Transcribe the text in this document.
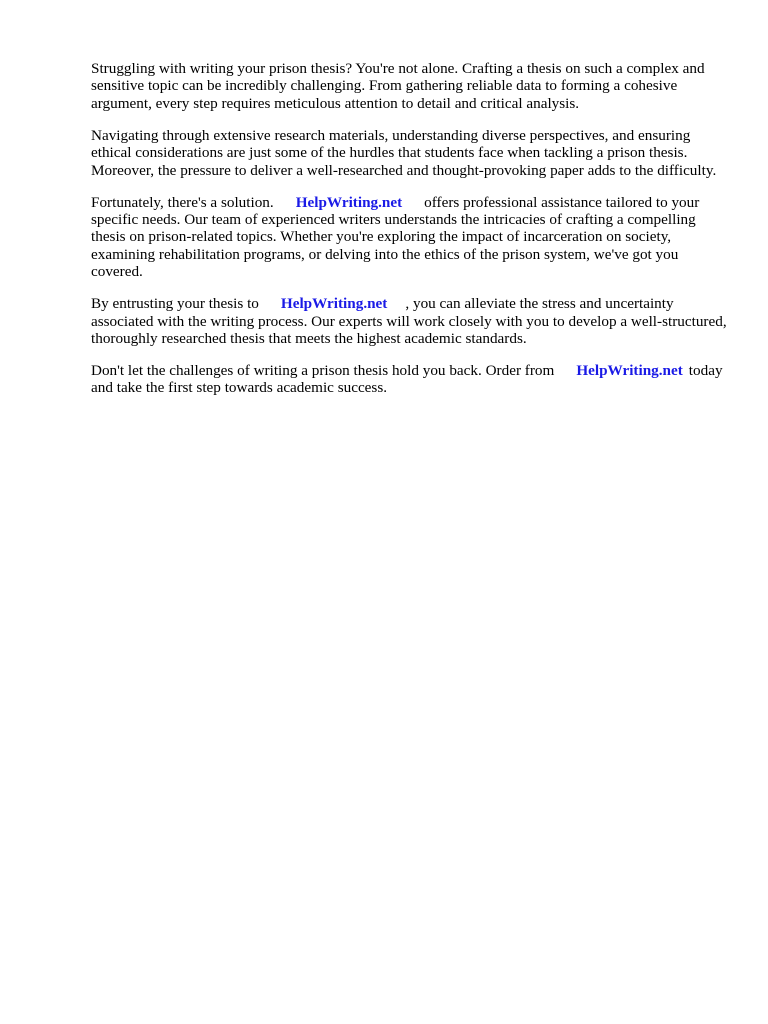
Struggling with writing your prison thesis? You're not alone. Crafting a thesis on such a complex and sensitive topic can be incredibly challenging. From gathering reliable data to forming a cohesive argument, every step requires meticulous attention to detail and critical analysis.

Navigating through extensive research materials, understanding diverse perspectives, and ensuring ethical considerations are just some of the hurdles that students face when tackling a prison thesis. Moreover, the pressure to deliver a well-researched and thought-provoking paper adds to the difficulty.

Fortunately, there's a solution. HelpWriting.net offers professional assistance tailored to your specific needs. Our team of experienced writers understands the intricacies of crafting a compelling thesis on prison-related topics. Whether you're exploring the impact of incarceration on society, examining rehabilitation programs, or delving into the ethics of the prison system, we've got you covered.

By entrusting your thesis to HelpWriting.net , you can alleviate the stress and uncertainty associated with the writing process. Our experts will work closely with you to develop a well-structured, thoroughly researched thesis that meets the highest academic standards.

Don't let the challenges of writing a prison thesis hold you back. Order from HelpWriting.net today and take the first step towards academic success.
